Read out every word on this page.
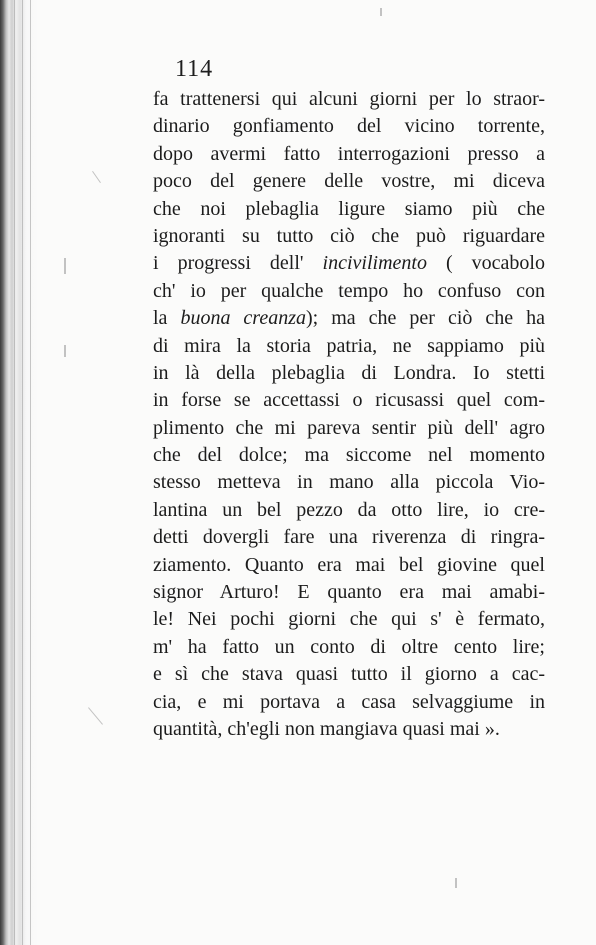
114
fa trattenersi qui alcuni giorni per lo straor-
dinario gonfiamento del vicino torrente,
dopo avermi fatto interrogazioni presso a
poco del genere delle vostre, mi diceva
che noi plebaglia ligure siamo più che
ignoranti su tutto ciò che può riguardare
i progressi dell' incivilimento ( vocabolo
ch' io per qualche tempo ho confuso con
la buona creanza); ma che per ciò che ha
di mira la storia patria, ne sappiamo più
in là della plebaglia di Londra. Io stetti
in forse se accettassi o ricusassi quel com-
plimento che mi pareva sentir più dell' agro
che del dolce; ma siccome nel momento
stesso metteva in mano alla piccola Vio-
lantina un bel pezzo da otto lire, io cre-
detti dovergli fare una riverenza di ringra-
ziamento. Quanto era mai bel giovine quel
signor Arturo! E quanto era mai amabi-
le! Nei pochi giorni che qui s' è fermato,
m' ha fatto un conto di oltre cento lire;
e sì che stava quasi tutto il giorno a cac-
cia, e mi portava a casa selvaggiume in
quantità, ch'egli non mangiava quasi mai ».
